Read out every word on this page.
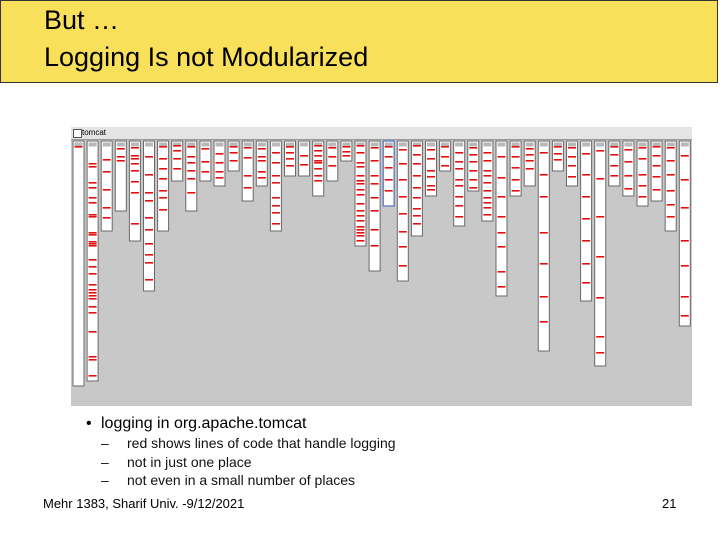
But …
Logging Is not Modularized
tomcat
• logging in org.apache.tomcat
– red shows lines of code that handle logging
– not in just one place
– not even in a small number of places
Mehr 1383, Sharif Univ. -9/12/2021	21
